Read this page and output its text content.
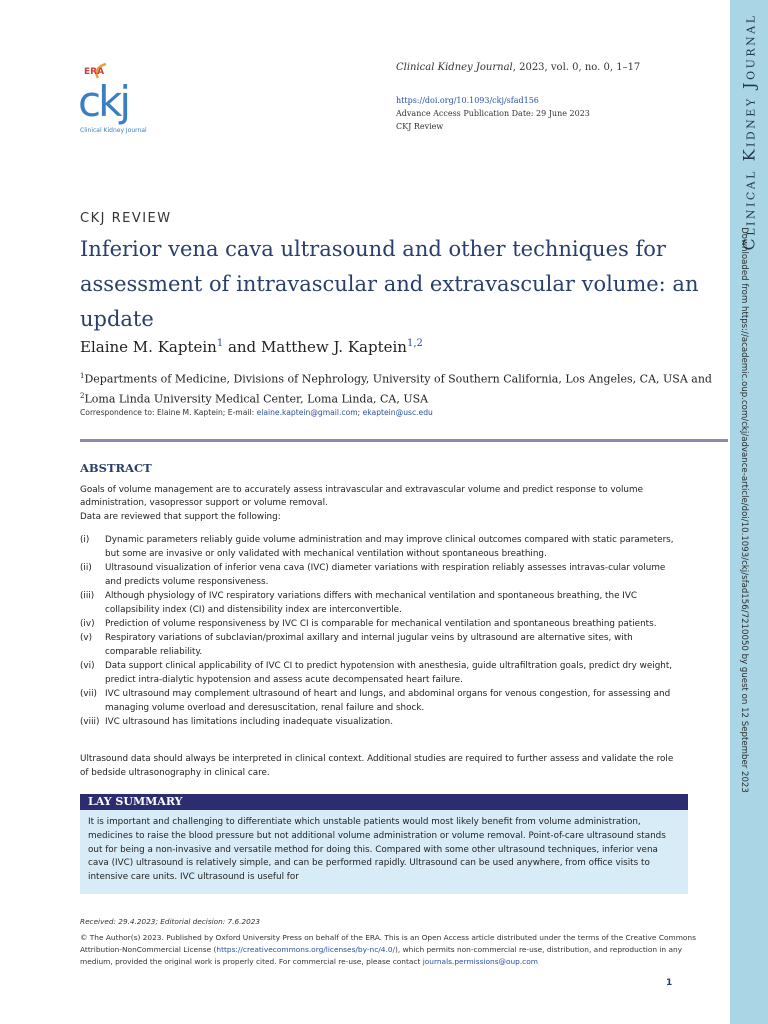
Clinical Kidney Journal
Downloaded from https://academic.oup.com/ckj/advance-article/doi/10.1093/ckj/sfad156/7210050 by guest on 12 September 2023
ERA
ckj
Clinical Kidney Journal
Clinical Kidney Journal, 2023, vol. 0, no. 0, 1–17
https://doi.org/10.1093/ckj/sfad156
Advance Access Publication Date: 29 June 2023
CKJ Review
CKJ REVIEW
Inferior vena cava ultrasound and other techniques for assessment of intravascular and extravascular volume: an update
Elaine M. Kaptein$^1$ and Matthew J. Kaptein$^{1,2}$
$^1$Departments of Medicine, Divisions of Nephrology, University of Southern California, Los Angeles, CA, USA and $^2$Loma Linda University Medical Center, Loma Linda, CA, USA
Correspondence to: Elaine M. Kaptein; E-mail: elaine.kaptein@gmail.com; ekaptein@usc.edu
ABSTRACT
Goals of volume management are to accurately assess intravascular and extravascular volume and predict response to volume administration, vasopressor support or volume removal.
Data are reviewed that support the following:
(i) Dynamic parameters reliably guide volume administration and may improve clinical outcomes compared with static parameters, but some are invasive or only validated with mechanical ventilation without spontaneous breathing.
(ii) Ultrasound visualization of inferior vena cava (IVC) diameter variations with respiration reliably assesses intravas-cular volume and predicts volume responsiveness.
(iii) Although physiology of IVC respiratory variations differs with mechanical ventilation and spontaneous breathing, the IVC collapsibility index (CI) and distensibility index are interconvertible.
(iv) Prediction of volume responsiveness by IVC CI is comparable for mechanical ventilation and spontaneous breathing patients.
(v) Respiratory variations of subclavian/proximal axillary and internal jugular veins by ultrasound are alternative sites, with comparable reliability.
(vi) Data support clinical applicability of IVC CI to predict hypotension with anesthesia, guide ultrafiltration goals, predict dry weight, predict intra-dialytic hypotension and assess acute decompensated heart failure.
(vii) IVC ultrasound may complement ultrasound of heart and lungs, and abdominal organs for venous congestion, for assessing and managing volume overload and deresuscitation, renal failure and shock.
(viii) IVC ultrasound has limitations including inadequate visualization.
Ultrasound data should always be interpreted in clinical context. Additional studies are required to further assess and validate the role of bedside ultrasonography in clinical care.
LAY SUMMARY
It is important and challenging to differentiate which unstable patients would most likely benefit from volume administration, medicines to raise the blood pressure but not additional volume administration or volume removal. Point-of-care ultrasound stands out for being a non-invasive and versatile method for doing this. Compared with some other ultrasound techniques, inferior vena cava (IVC) ultrasound is relatively simple, and can be performed rapidly. Ultrasound can be used anywhere, from office visits to intensive care units. IVC ultrasound is useful for
Received: 29.4.2023; Editorial decision: 7.6.2023
© The Author(s) 2023. Published by Oxford University Press on behalf of the ERA. This is an Open Access article distributed under the terms of the Creative Commons Attribution-NonCommercial License (https://creativecommons.org/licenses/by-nc/4.0/), which permits non-commercial re-use, distribution, and reproduction in any medium, provided the original work is properly cited. For commercial re-use, please contact journals.permissions@oup.com
1
